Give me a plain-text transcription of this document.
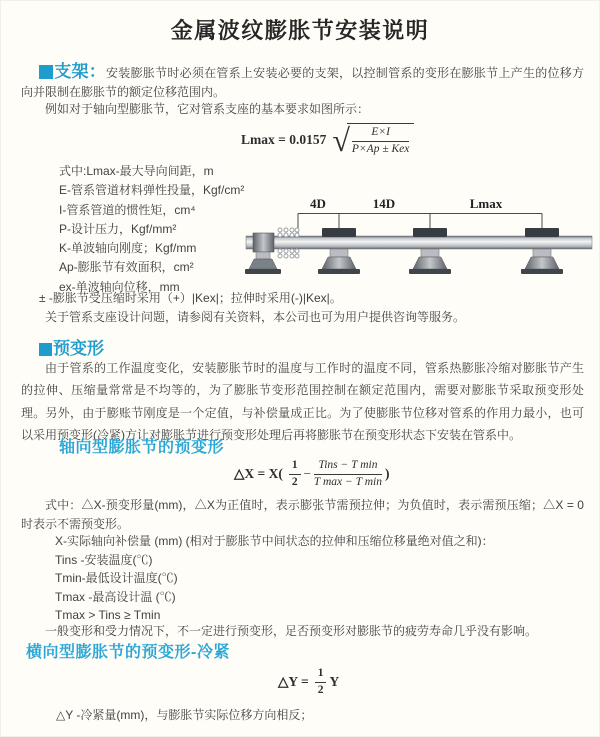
金属波纹膨胀节安装说明
支架：安装膨胀节时必须在管系上安装必要的支架，以控制管系的变形在膨胀节上产生的位移方向并限制在膨胀节的额定位移范围内。
例如对于轴向型膨胀节，它对管系支座的基本要求如图所示：
Lmax = 0.0157 √ $\frac{E\times I}{\text{P×Ap ± Kex}}$
式中:Lmax-最大导向间距，m
E-管系管道材料弹性投量，Kgf/cm²
I-管系管道的惯性矩，cm⁴
P-设计压力，Kgf/mm²
K-单波轴向刚度；Kgf/mm
Ap-膨胀节有效面积，cm²
ex-单波轴向位移，mm
± -膨胀节受压缩时采用（+）|Kex|；拉伸时采用(-)|Kex|。
关于管系支座设计问题，请参阅有关资料，本公司也可为用户提供咨询等服务。
4D	14D	Lmax
预变形
由于管系的工作温度变化，安装膨胀节时的温度与工作时的温度不同，管系热膨胀冷缩对膨胀节产生的拉伸、压缩量常常是不均等的，为了膨胀节变形范围控制在额定范围内，需要对膨胀节采取预变形处理。另外，由于膨账节刚度是一个定值，与补偿量成正比。为了使膨胀节位移对管系的作用力最小，也可以采用预变形(冷紧)方让对膨胀节进行预变形处理后再将膨胀节在预变形状态下安装在管系中。
轴向型膨胀节的预变形
△X = $X( \frac{1}{2} - \frac{\text{Tins − T min}}{\text{T max − T min}}$ )
式中：△X-预变形量(mm)，△X为正值时，表示膨张节需预拉伸；为负值时，表示需预压缩；△X = 0时表示不需预变形。
X-实际轴向补偿量 (mm) (相对于膨胀节中间状态的拉伸和压缩位移量绝对值之和)：
Tins -安装温度(℃)
Tmin-最低设计温度(℃)
Tmax -最高设计温 (℃)
Tmax > Tins ≥ Tmin
一般变形和受力情况下，不一定进行预变形，足否预变形对膨胀节的疲劳寿命几乎没有影响。
横向型膨胀节的预变形-冷紧
△Y = $\frac{1}{2}$ Y
△Y -冷紧量(mm)，与膨胀节实际位移方向相反；
